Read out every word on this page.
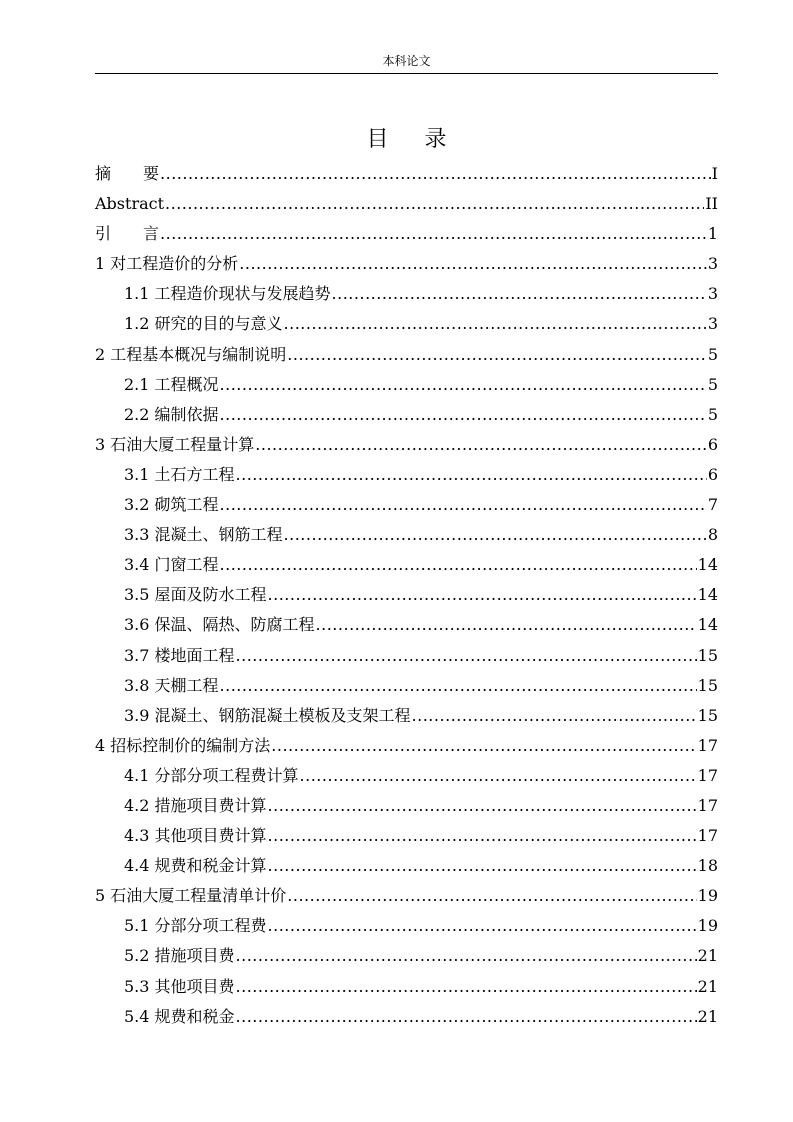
本科论文
目 录
摘　　要 .....	I
Abstract .....	II
引　　言 .....	1
1 对工程造价的分析 .....	3
1.1 工程造价现状与发展趋势 .....	3
1.2 研究的目的与意义 .....	3
2 工程基本概况与编制说明 .....	5
2.1 工程概况 .....	5
2.2 编制依据 .....	5
3 石油大厦工程量计算 .....	6
3.1 土石方工程 .....	6
3.2 砌筑工程 .....	7
3.3 混凝土、钢筋工程 .....	8
3.4 门窗工程 .....	14
3.5 屋面及防水工程 .....	14
3.6 保温、隔热、防腐工程 .....	14
3.7 楼地面工程 .....	15
3.8 天棚工程 .....	15
3.9 混凝土、钢筋混凝土模板及支架工程 .....	15
4 招标控制价的编制方法 .....	17
4.1 分部分项工程费计算 .....	17
4.2 措施项目费计算 .....	17
4.3 其他项目费计算 .....	17
4.4 规费和税金计算 .....	18
5 石油大厦工程量清单计价 .....	19
5.1 分部分项工程费 .....	19
5.2 措施项目费 .....	21
5.3 其他项目费 .....	21
5.4 规费和税金 .....	21
